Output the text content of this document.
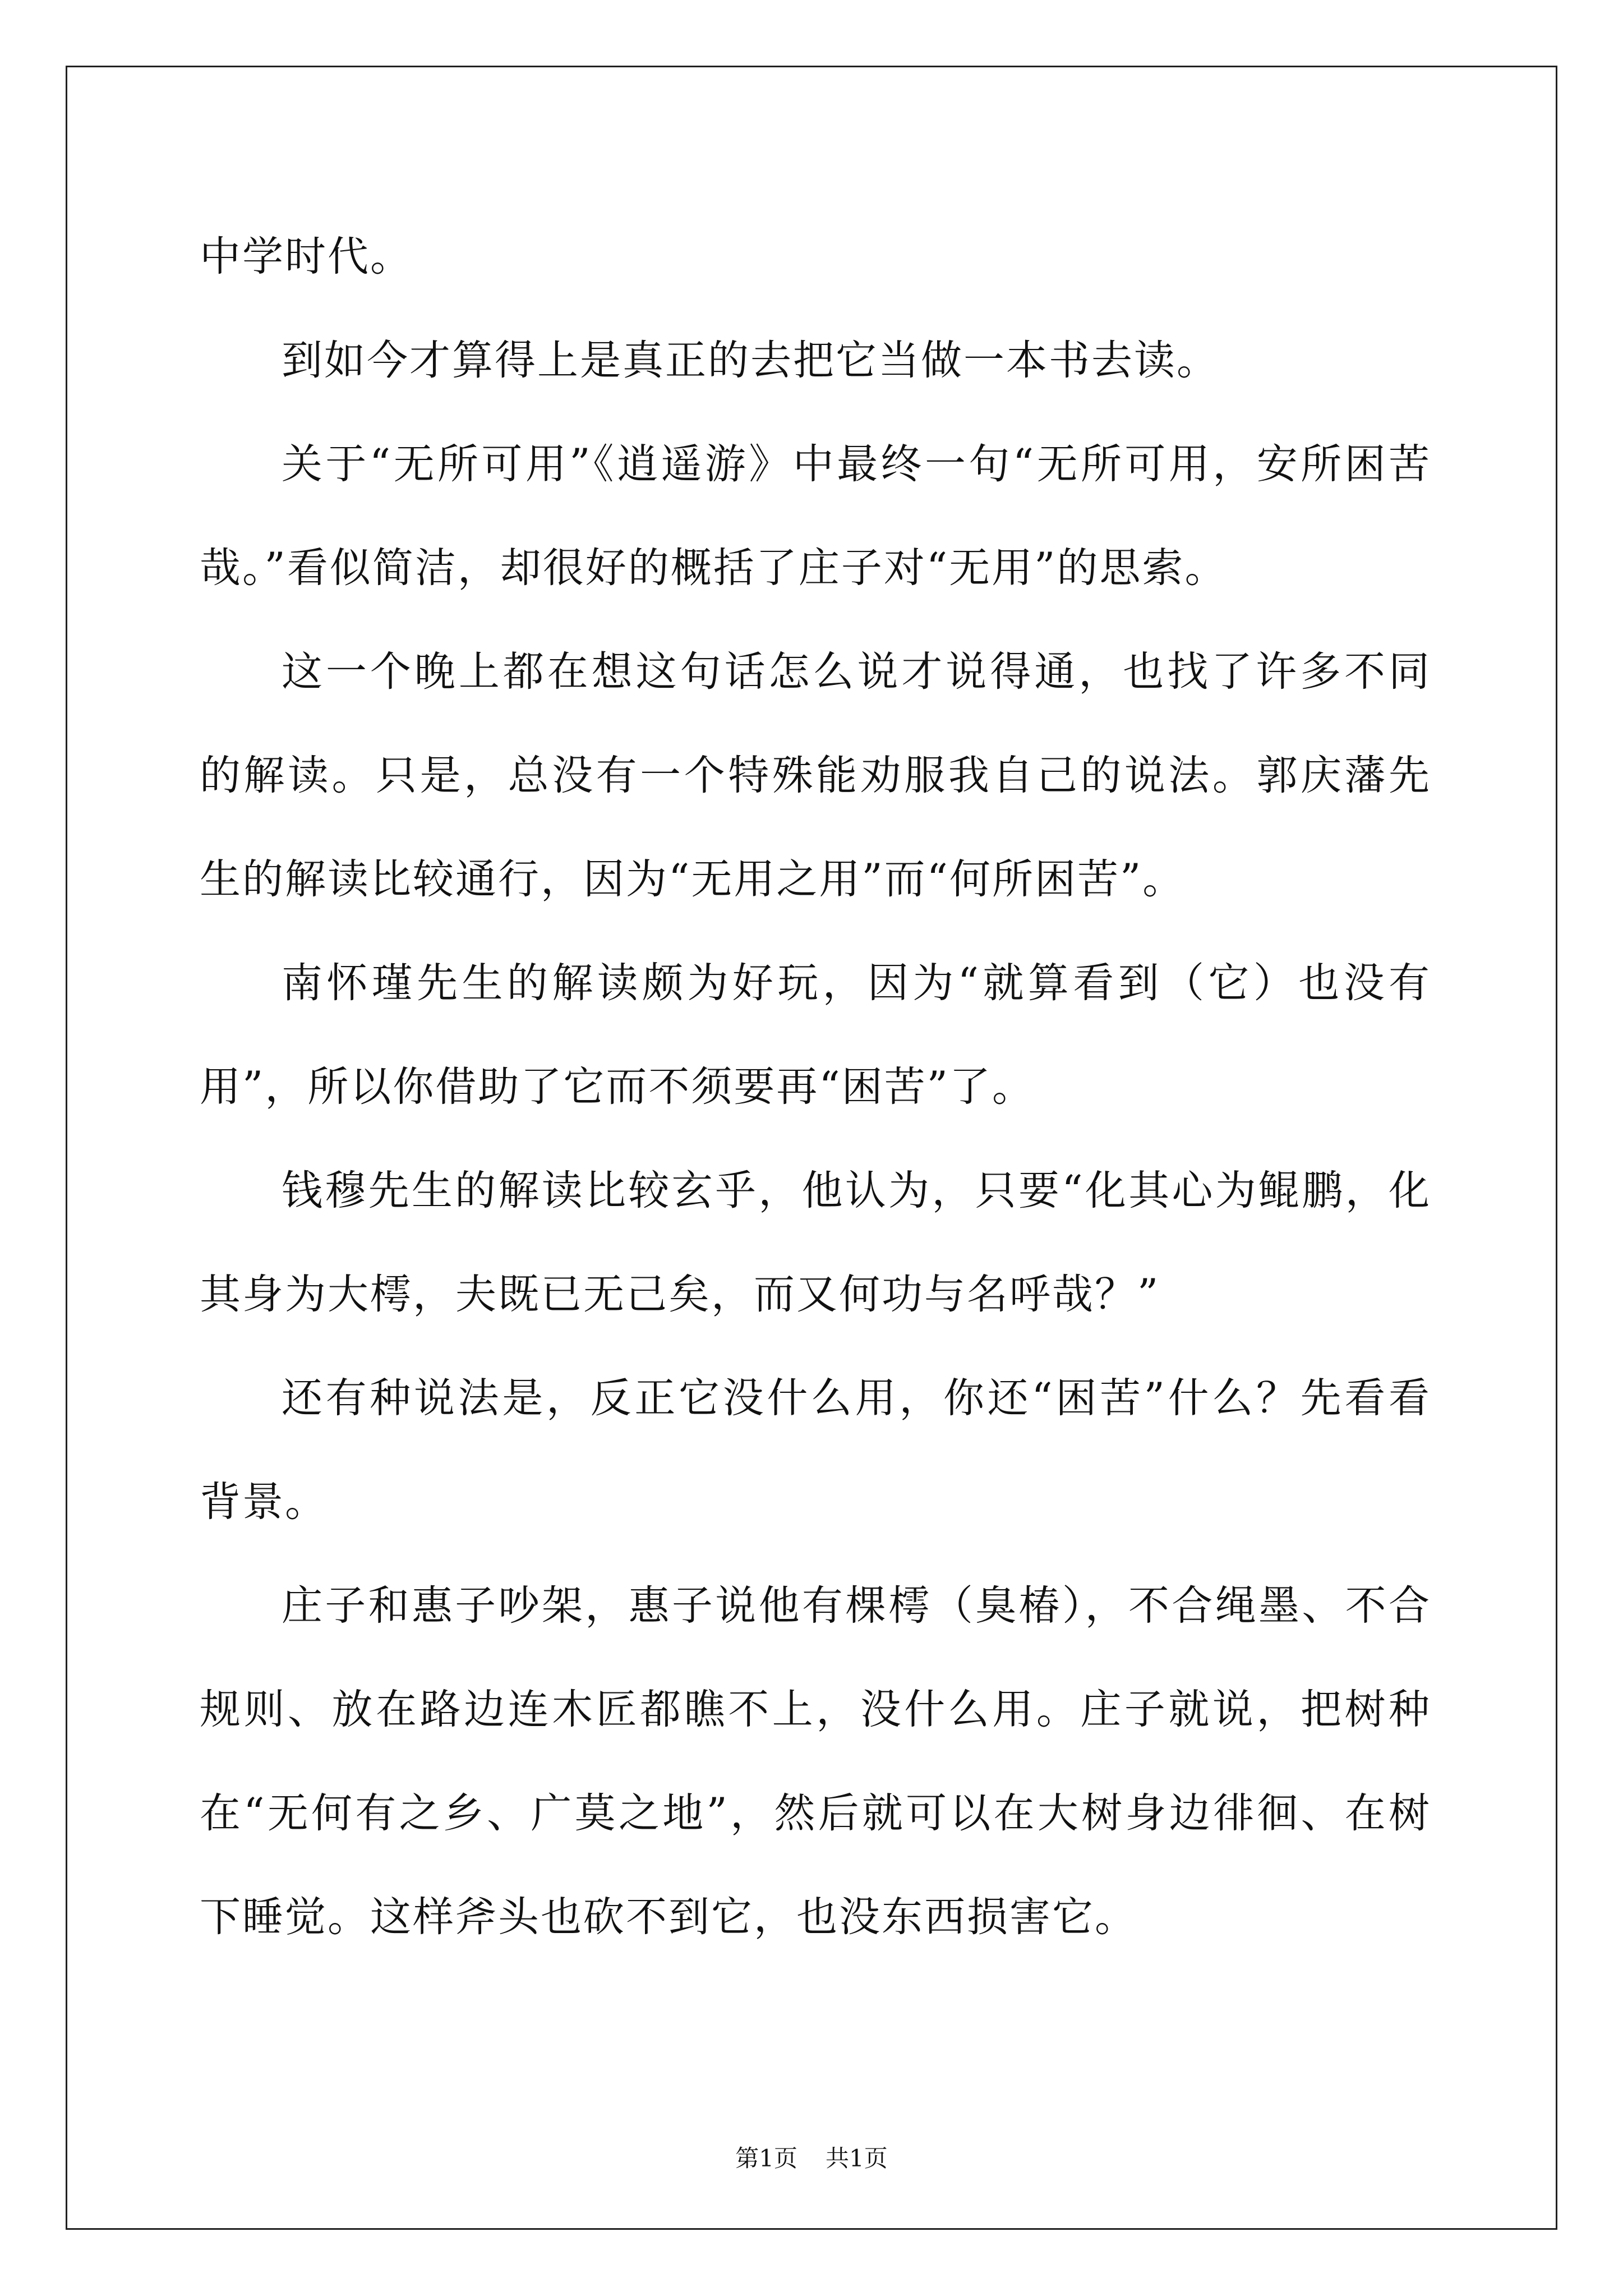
中学时代。

到如今才算得上是真正的去把它当做一本书去读。

关于“无所可用”《逍遥游》中最终一句“无所可用，安所困苦哉。”看似简洁，却很好的概括了庄子对“无用”的思索。

这一个晚上都在想这句话怎么说才说得通，也找了许多不同的解读。只是，总没有一个特殊能劝服我自己的说法。郭庆藩先生的解读比较通行，因为“无用之用”而“何所困苦”。

南怀瑾先生的解读颇为好玩，因为“就算看到（它）也没有用”，所以你借助了它而不须要再“困苦”了。

钱穆先生的解读比较玄乎，他认为，只要“化其心为鲲鹏，化其身为大樗，夫既已无己矣，而又何功与名呼哉？”

还有种说法是，反正它没什么用，你还“困苦”什么？先看看背景。

庄子和惠子吵架，惠子说他有棵樗（臭椿），不合绳墨、不合规则、放在路边连木匠都瞧不上，没什么用。庄子就说，把树种在“无何有之乡、广莫之地”，然后就可以在大树身边徘徊、在树下睡觉。这样斧头也砍不到它，也没东西损害它。

第1页 共1页
